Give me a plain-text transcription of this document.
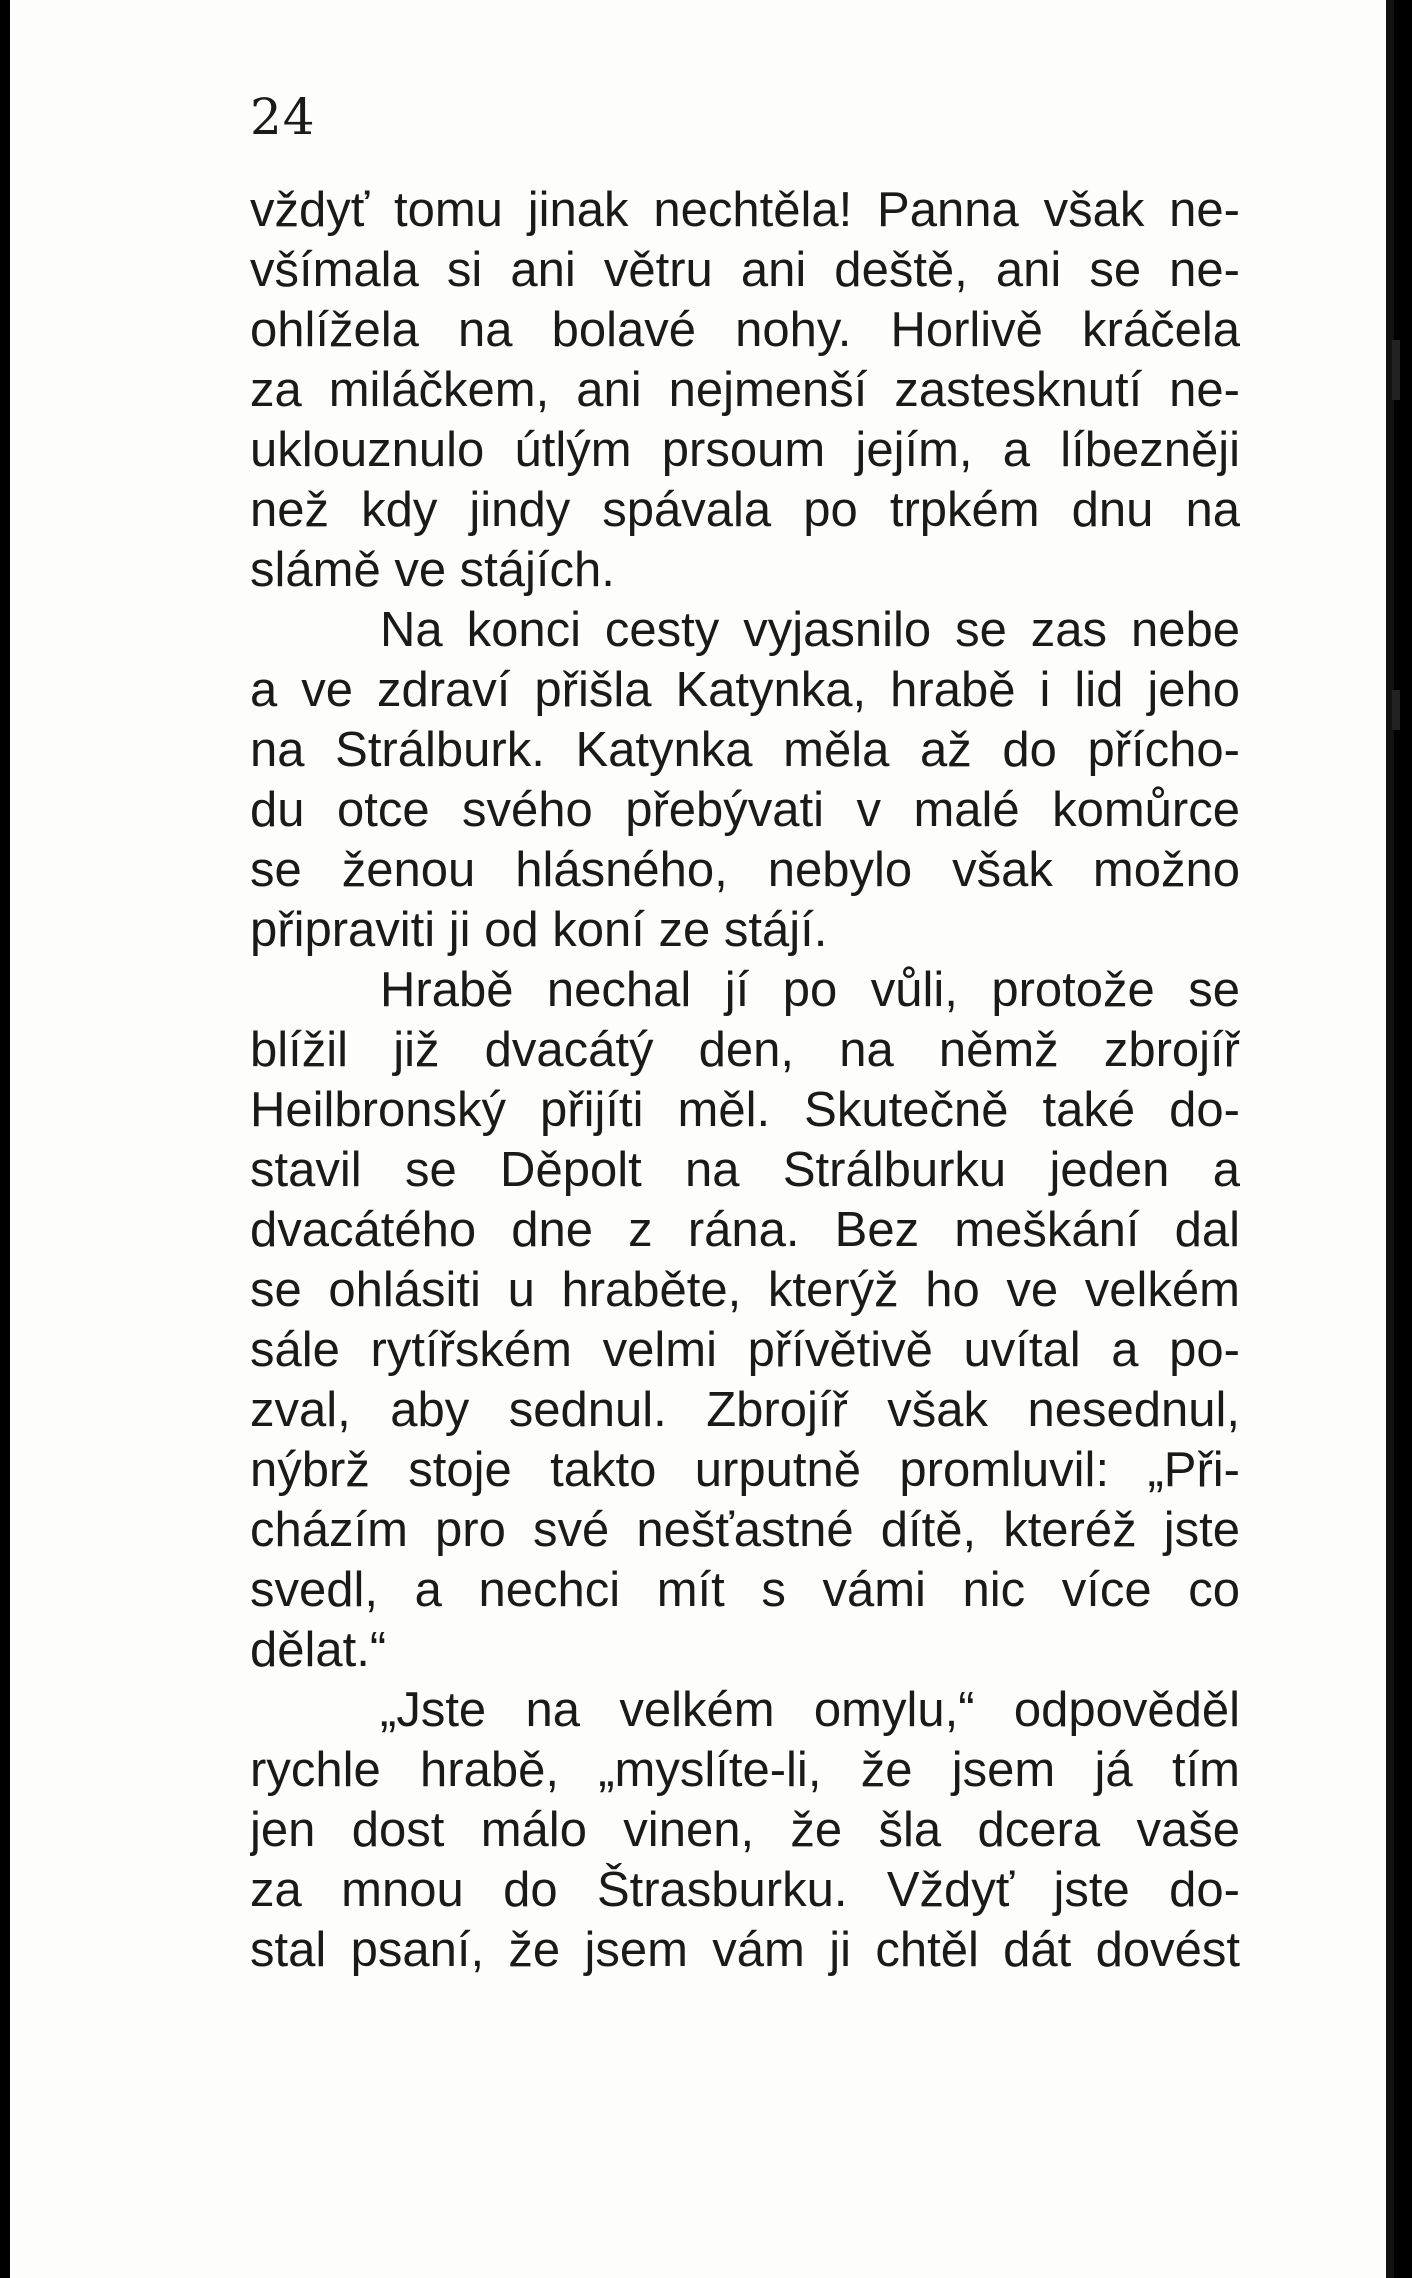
24
vždyť tomu jinak nechtěla! Panna však ne-
všímala si ani větru ani deště, ani se ne-
ohlížela na bolavé nohy. Horlivě kráčela
za miláčkem, ani nejmenší zastesknutí ne-
uklouznulo útlým prsoum jejím, a líbezněji
než kdy jindy spávala po trpkém dnu na
slámě ve stájích.
Na konci cesty vyjasnilo se zas nebe
a ve zdraví přišla Katynka, hrabě i lid jeho
na Strálburk. Katynka měla až do přícho-
du otce svého přebývati v malé komůrce
se ženou hlásného, nebylo však možno
připraviti ji od koní ze stájí.
Hrabě nechal jí po vůli, protože se
blížil již dvacátý den, na němž zbrojíř
Heilbronský přijíti měl. Skutečně také do-
stavil se Děpolt na Strálburku jeden a
dvacátého dne z rána. Bez meškání dal
se ohlásiti u hraběte, kterýž ho ve velkém
sále rytířském velmi přívětivě uvítal a po-
zval, aby sednul. Zbrojíř však nesednul,
nýbrž stoje takto urputně promluvil: „Při-
cházím pro své nešťastné dítě, kteréž jste
svedl, a nechci mít s vámi nic více co
dělat.“
„Jste na velkém omylu,“ odpověděl
rychle hrabě, „myslíte-li, že jsem já tím
jen dost málo vinen, že šla dcera vaše
za mnou do Štrasburku. Vždyť jste do-
stal psaní, že jsem vám ji chtěl dát dovést
